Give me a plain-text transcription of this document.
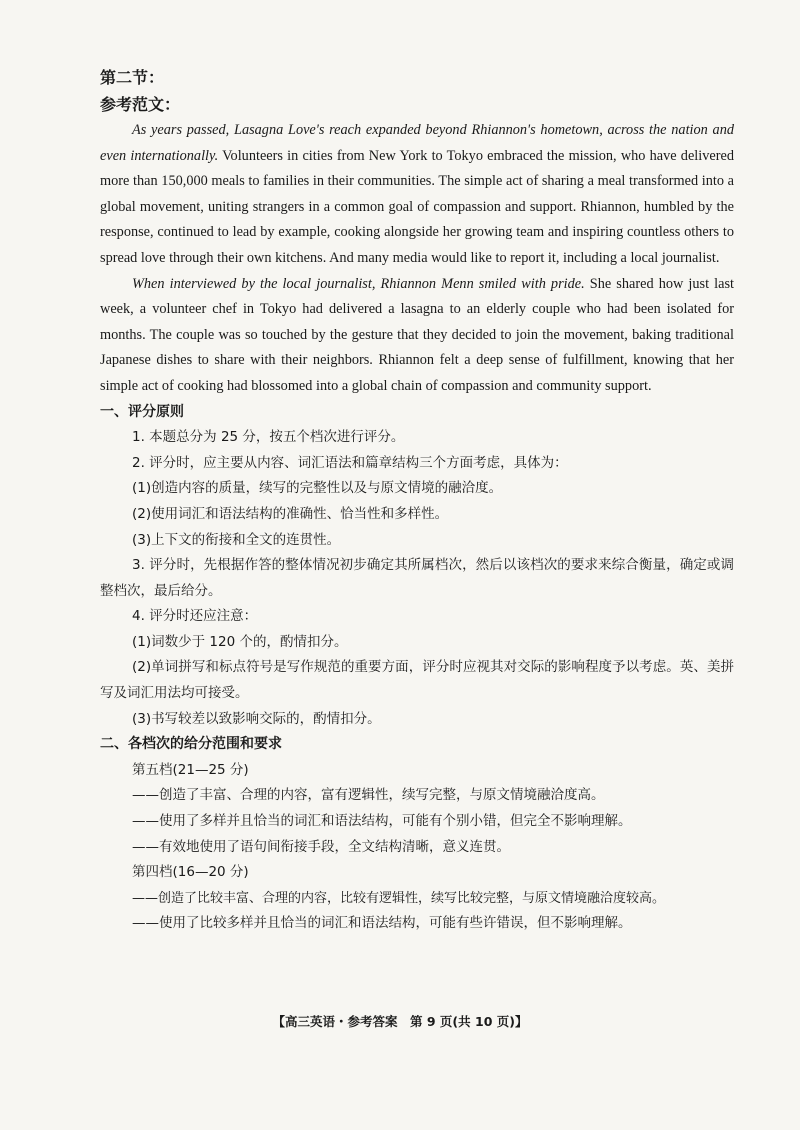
第二节：
参考范文：

As years passed, Lasagna Love's reach expanded beyond Rhiannon's hometown, across the nation and even internationally. Volunteers in cities from New York to Tokyo embraced the mission, who have delivered more than 150,000 meals to families in their communities. The simple act of sharing a meal transformed into a global movement, uniting strangers in a common goal of compassion and support. Rhiannon, humbled by the response, continued to lead by example, cooking alongside her growing team and inspiring countless others to spread love through their own kitchens. And many media would like to report it, including a local journalist.

When interviewed by the local journalist, Rhiannon Menn smiled with pride. She shared how just last week, a volunteer chef in Tokyo had delivered a lasagna to an elderly couple who had been isolated for months. The couple was so touched by the gesture that they decided to join the movement, baking traditional Japanese dishes to share with their neighbors. Rhiannon felt a deep sense of fulfillment, knowing that her simple act of cooking had blossomed into a global chain of compassion and community support.

一、评分原则

1. 本题总分为 25 分，按五个档次进行评分。

2. 评分时，应主要从内容、词汇语法和篇章结构三个方面考虑，具体为：

(1)创造内容的质量，续写的完整性以及与原文情境的融洽度。

(2)使用词汇和语法结构的准确性、恰当性和多样性。

(3)上下文的衔接和全文的连贯性。

3. 评分时，先根据作答的整体情况初步确定其所属档次，然后以该档次的要求来综合衡量，确定或调整档次，最后给分。

4. 评分时还应注意：

(1)词数少于 120 个的，酌情扣分。

(2)单词拼写和标点符号是写作规范的重要方面，评分时应视其对交际的影响程度予以考虑。英、美拼写及词汇用法均可接受。

(3)书写较差以致影响交际的，酌情扣分。

二、各档次的给分范围和要求

第五档(21—25 分)

——创造了丰富、合理的内容，富有逻辑性，续写完整，与原文情境融洽度高。

——使用了多样并且恰当的词汇和语法结构，可能有个别小错，但完全不影响理解。

——有效地使用了语句间衔接手段，全文结构清晰，意义连贯。

第四档(16—20 分)

——创造了比较丰富、合理的内容，比较有逻辑性，续写比较完整，与原文情境融洽度较高。

——使用了比较多样并且恰当的词汇和语法结构，可能有些许错误，但不影响理解。

【高三英语・参考答案　第 9 页(共 10 页)】
